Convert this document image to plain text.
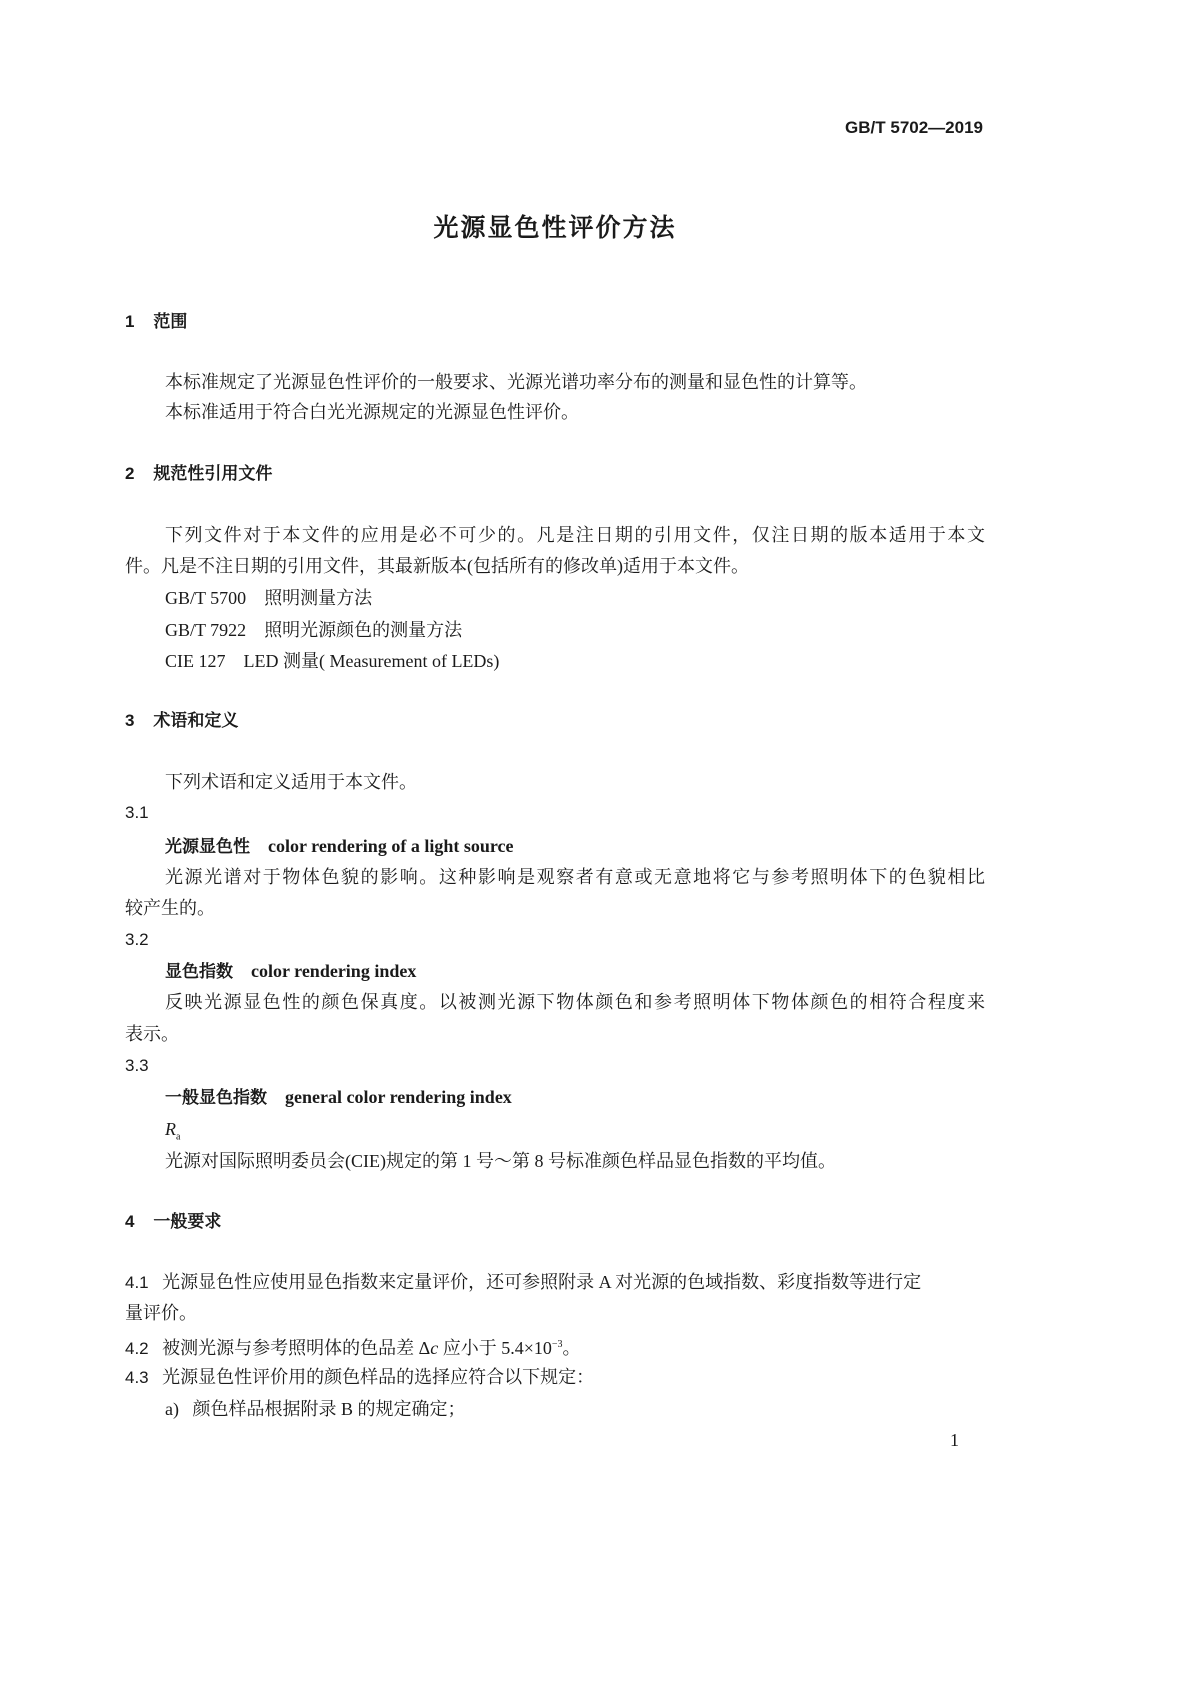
GB/T 5702—2019
光源显色性评价方法
1 范围
本标准规定了光源显色性评价的一般要求、光源光谱功率分布的测量和显色性的计算等。
本标准适用于符合白光光源规定的光源显色性评价。
2 规范性引用文件
下列文件对于本文件的应用是必不可少的。凡是注日期的引用文件，仅注日期的版本适用于本文
件。凡是不注日期的引用文件，其最新版本(包括所有的修改单)适用于本文件。
GB/T 5700 照明测量方法
GB/T 7922 照明光源颜色的测量方法
CIE 127 LED 测量( Measurement of LEDs)
3 术语和定义
下列术语和定义适用于本文件。
3.1
光源显色性 color rendering of a light source
光源光谱对于物体色貌的影响。这种影响是观察者有意或无意地将它与参考照明体下的色貌相比
较产生的。
3.2
显色指数 color rendering index
反映光源显色性的颜色保真度。以被测光源下物体颜色和参考照明体下物体颜色的相符合程度来
表示。
3.3
一般显色指数 general color rendering index
$R_a$
光源对国际照明委员会(CIE)规定的第 1 号～第 8 号标准颜色样品显色指数的平均值。
4 一般要求
4.1 光源显色性应使用显色指数来定量评价，还可参照附录 A 对光源的色域指数、彩度指数等进行定
量评价。
4.2 被测光源与参考照明体的色品差 Δc 应小于 $5.4\times 10^{-3}$。
4.3 光源显色性评价用的颜色样品的选择应符合以下规定：
a) 颜色样品根据附录 B 的规定确定；
1
